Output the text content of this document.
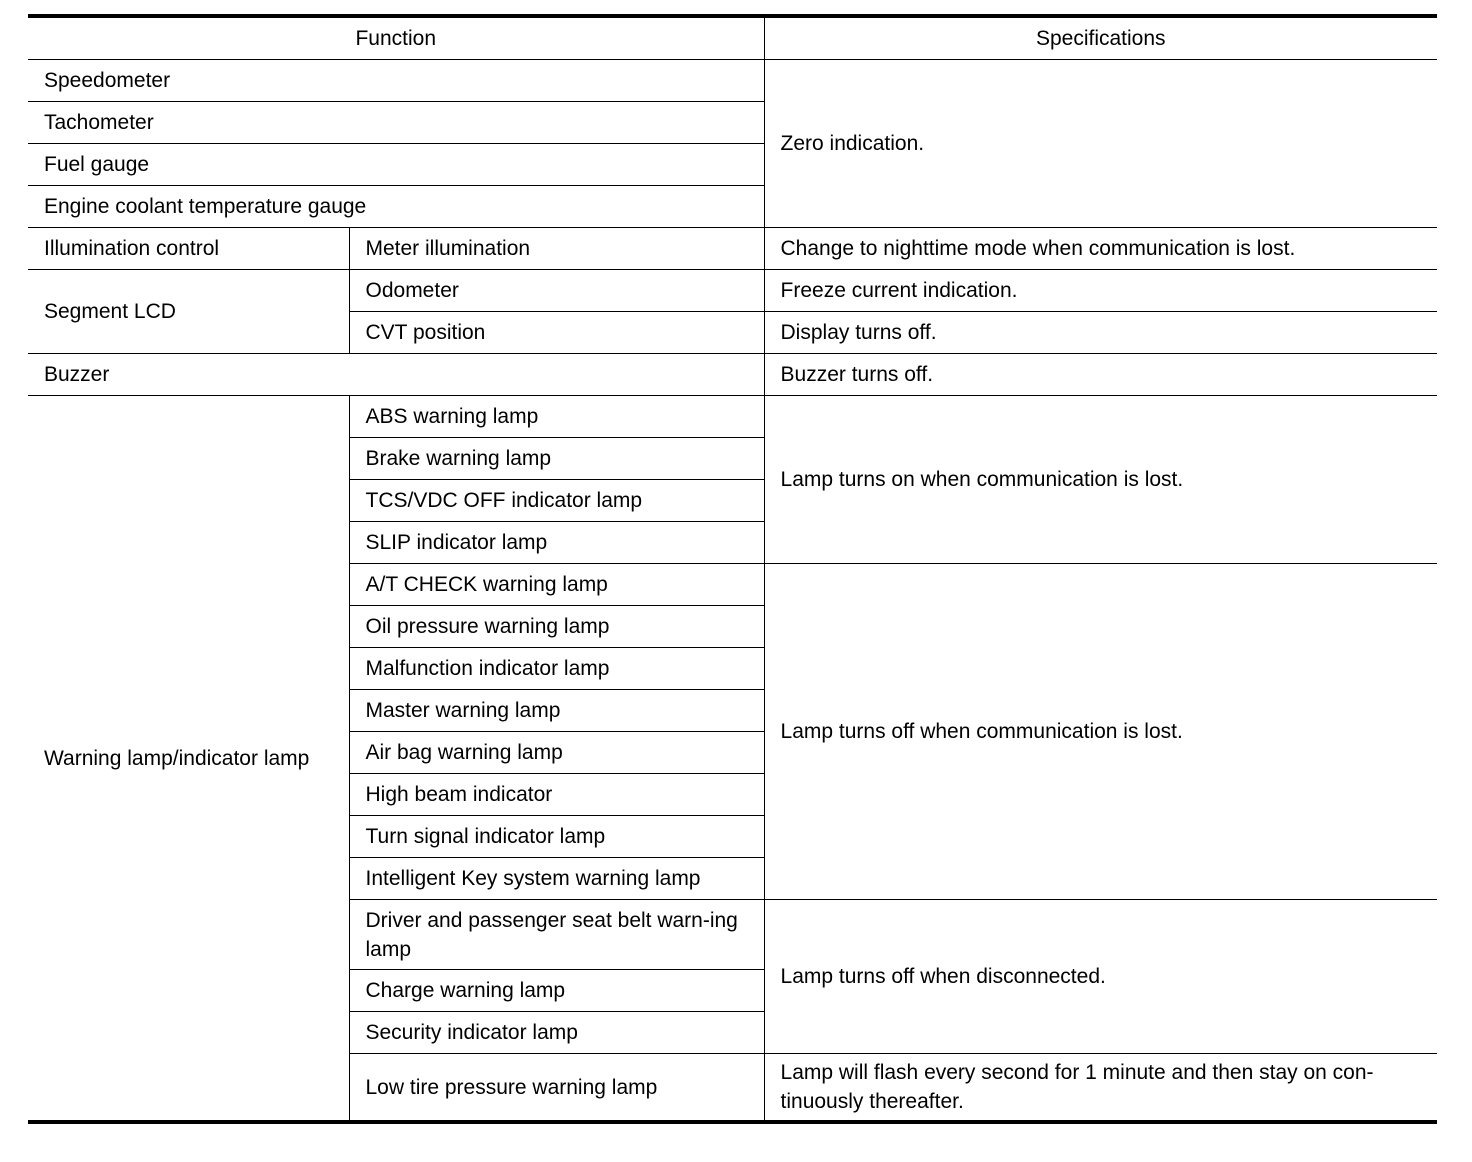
Function		Specifications
Speedometer		Zero indication.
Tachometer		
Fuel gauge		
Engine coolant temperature gauge		
Illumination control	Meter illumination	Change to nighttime mode when communication is lost.
Segment LCD	Odometer	Freeze current indication.
	CVT position	Display turns off.
Buzzer		Buzzer turns off.
Warning lamp/indicator lamp	ABS warning lamp	Lamp turns on when communication is lost.
	Brake warning lamp	
	TCS/VDC OFF indicator lamp	
	SLIP indicator lamp	
	A/T CHECK warning lamp	Lamp turns off when communication is lost.
	Oil pressure warning lamp	
	Malfunction indicator lamp	
	Master warning lamp	
	Air bag warning lamp	
	High beam indicator	
	Turn signal indicator lamp	
	Intelligent Key system warning lamp	
	Driver and passenger seat belt warn-ing lamp	Lamp turns off when disconnected.
	Charge warning lamp	
	Security indicator lamp	
	Low tire pressure warning lamp	Lamp will flash every second for 1 minute and then stay on con-tinuously thereafter.
